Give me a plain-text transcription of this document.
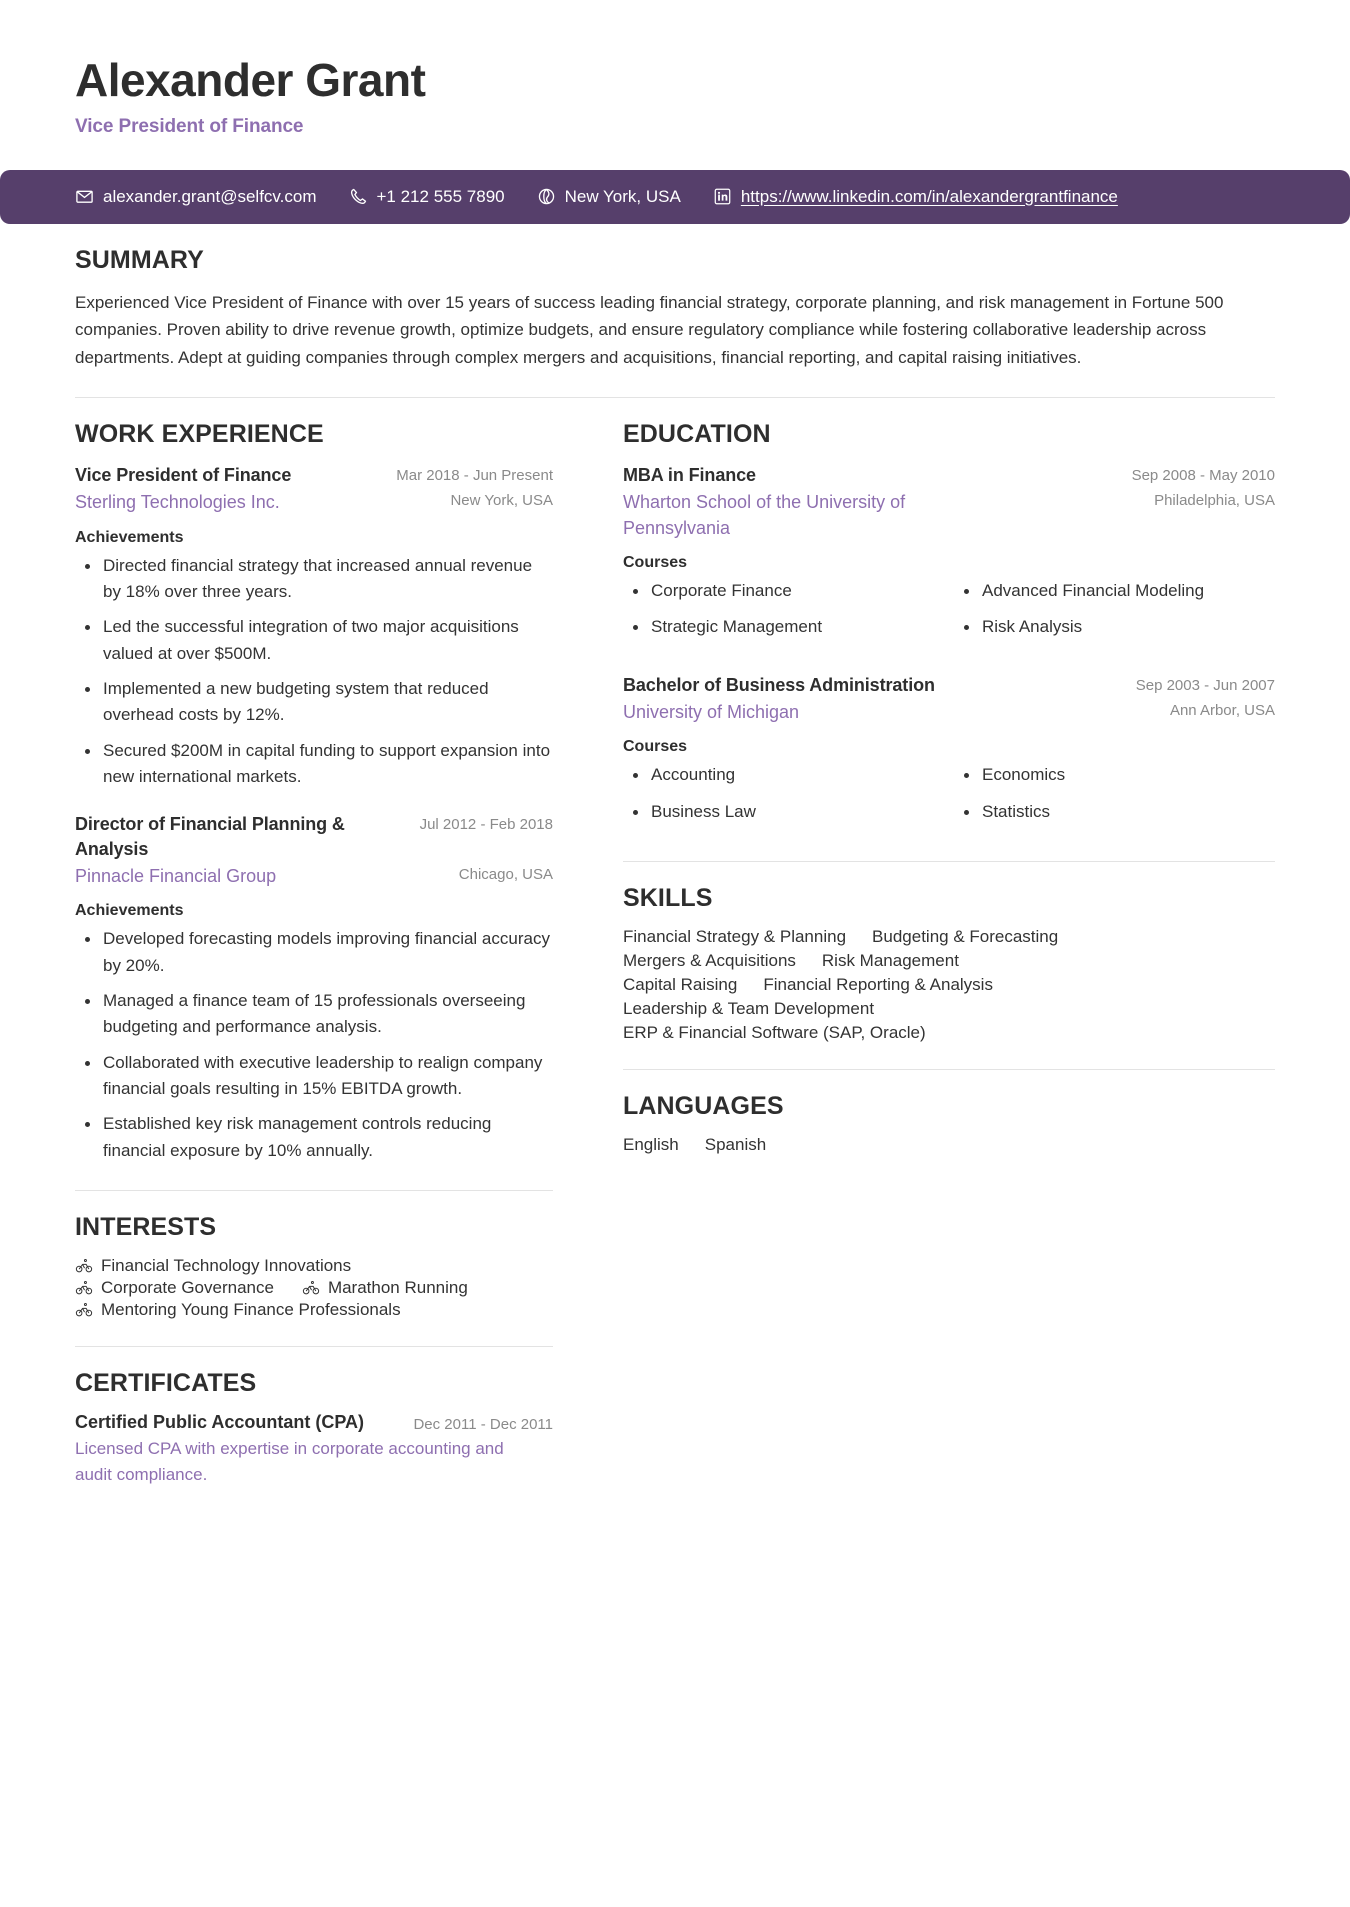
Alexander Grant
Vice President of Finance
alexander.grant@selfcv.com	+1 212 555 7890	New York, USA	https://www.linkedin.com/in/alexandergrantfinance
SUMMARY
Experienced Vice President of Finance with over 15 years of success leading financial strategy, corporate planning, and risk management in Fortune 500 companies. Proven ability to drive revenue growth, optimize budgets, and ensure regulatory compliance while fostering collaborative leadership across departments. Adept at guiding companies through complex mergers and acquisitions, financial reporting, and capital raising initiatives.
WORK EXPERIENCE
Vice President of Finance	Mar 2018 - Jun Present
Sterling Technologies Inc.	New York, USA
Achievements
Directed financial strategy that increased annual revenue by 18% over three years.
Led the successful integration of two major acquisitions valued at over $500M.
Implemented a new budgeting system that reduced overhead costs by 12%.
Secured $200M in capital funding to support expansion into new international markets.
Director of Financial Planning & Analysis
Jul 2012 - Feb 2018
Pinnacle Financial Group	Chicago, USA
Achievements
Developed forecasting models improving financial accuracy by 20%.
Managed a finance team of 15 professionals overseeing budgeting and performance analysis.
Collaborated with executive leadership to realign company financial goals resulting in 15% EBITDA growth.
Established key risk management controls reducing financial exposure by 10% annually.
INTERESTS
Financial Technology Innovations
Corporate Governance	Marathon Running
Mentoring Young Finance Professionals
CERTIFICATES
Certified Public Accountant (CPA)	Dec 2011 - Dec 2011
Licensed CPA with expertise in corporate accounting and audit compliance.
EDUCATION
MBA in Finance	Sep 2008 - May 2010
Wharton School of the University of Pennsylvania
Philadelphia, USA
Courses
Corporate Finance	Advanced Financial Modeling
Strategic Management	Risk Analysis
Bachelor of Business Administration	Sep 2003 - Jun 2007
University of Michigan	Ann Arbor, USA
Courses
Accounting	Economics
Business Law	Statistics
SKILLS
Financial Strategy & Planning Budgeting & Forecasting
Mergers & Acquisitions Risk Management
Capital Raising Financial Reporting & Analysis
Leadership & Team Development
ERP & Financial Software (SAP, Oracle)
LANGUAGES
English Spanish
